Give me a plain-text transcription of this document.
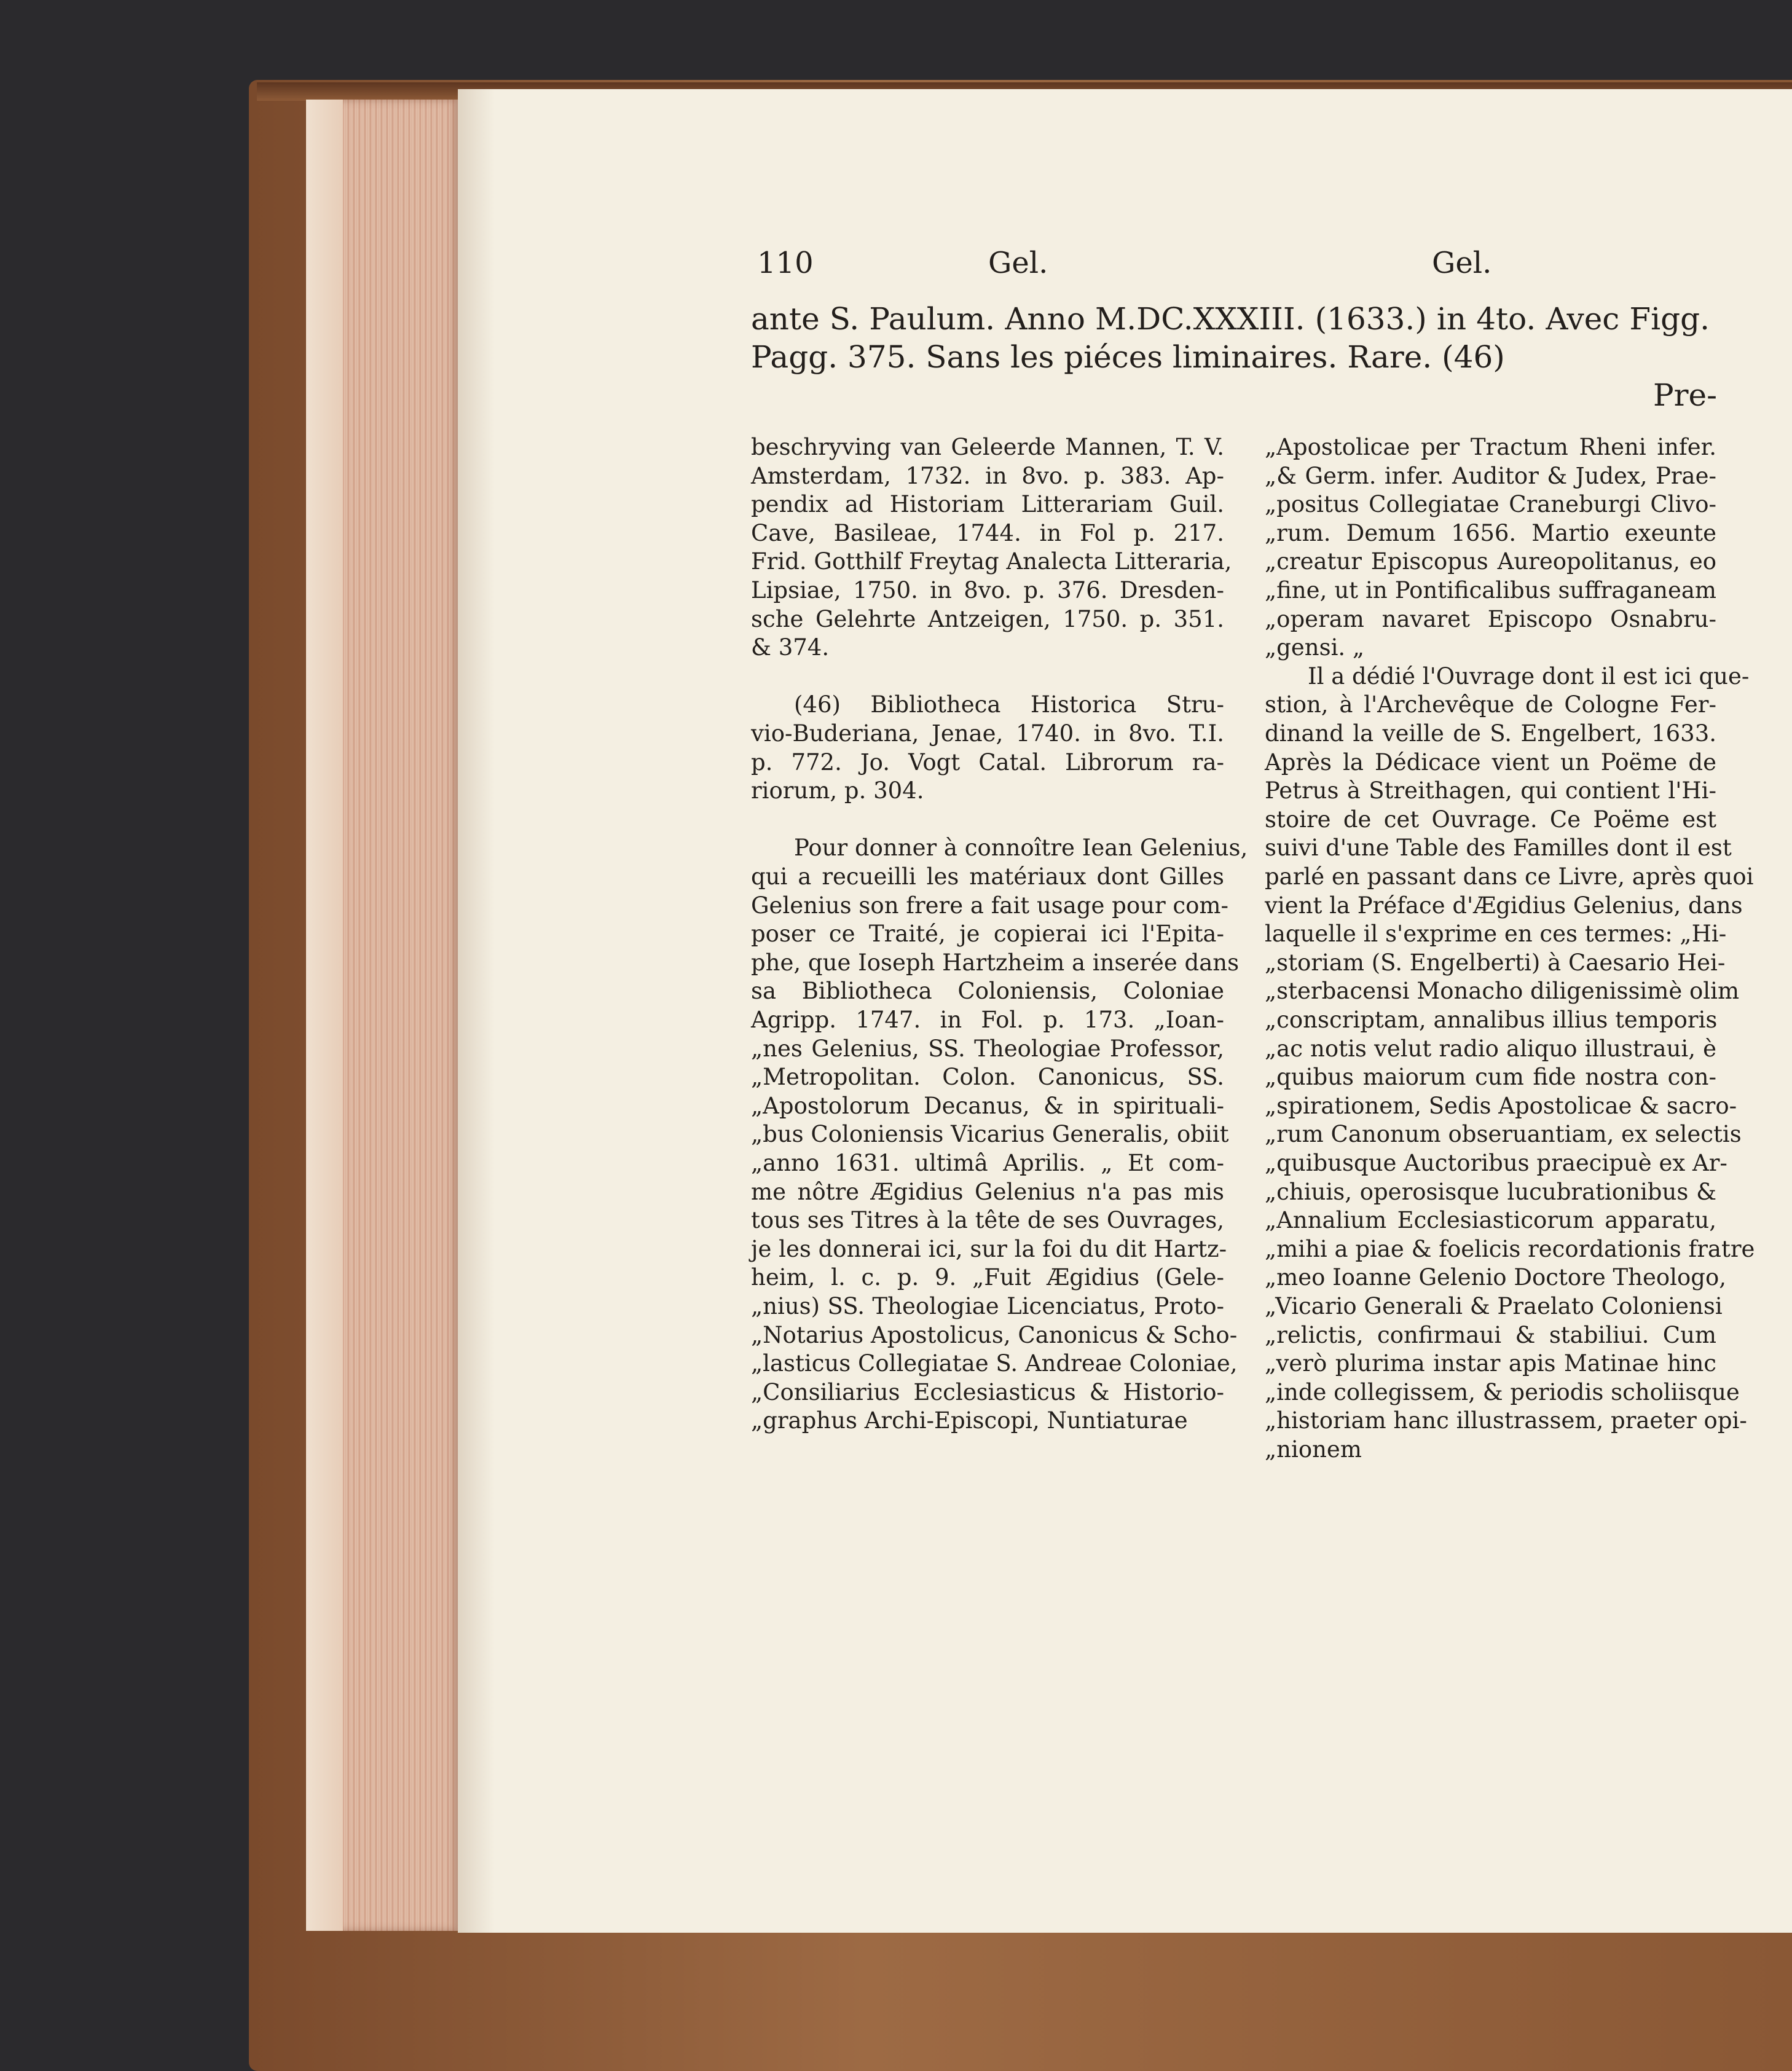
110	Gel.	Gel.
ante S. Paulum. Anno M.DC.XXXIII. (1633.) in 4to. Avec Figg.
Pagg. 375. Sans les piéces liminaires. Rare. (46)
Pre-
beschryving van Geleerde Mannen, T. V.
Amsterdam, 1732. in 8vo. p. 383. Ap-
pendix ad Historiam Litterariam Guil.
Cave, Basileae, 1744. in Fol p. 217.
Frid. Gotthilf Freytag Analecta Litteraria,
Lipsiae, 1750. in 8vo. p. 376. Dresden-
sche Gelehrte Antzeigen, 1750. p. 351.
& 374.
(46) Bibliotheca Historica Stru-
vio-Buderiana, Jenae, 1740. in 8vo. T.I.
p. 772. Jo. Vogt Catal. Librorum ra-
riorum, p. 304.
Pour donner à connoître Iean Gelenius,
qui a recueilli les matériaux dont Gilles
Gelenius son frere a fait usage pour com-
poser ce Traité, je copierai ici l'Epita-
phe, que Ioseph Hartzheim a inserée dans
sa Bibliotheca Coloniensis, Coloniae
Agripp. 1747. in Fol. p. 173. „Ioan-
„nes Gelenius, SS. Theologiae Professor,
„Metropolitan. Colon. Canonicus, SS.
„Apostolorum Decanus, & in spirituali-
„bus Coloniensis Vicarius Generalis, obiit
„anno 1631. ultimâ Aprilis. „ Et com-
me nôtre Ægidius Gelenius n'a pas mis
tous ses Titres à la tête de ses Ouvrages,
je les donnerai ici, sur la foi du dit Hartz-
heim, l. c. p. 9. „Fuit Ægidius (Gele-
„nius) SS. Theologiae Licenciatus, Proto-
„Notarius Apostolicus, Canonicus & Scho-
„lasticus Collegiatae S. Andreae Coloniae,
„Consiliarius Ecclesiasticus & Historio-
„graphus Archi-Episcopi, Nuntiaturae
„Apostolicae per Tractum Rheni infer.
„& Germ. infer. Auditor & Judex, Prae-
„positus Collegiatae Craneburgi Clivo-
„rum. Demum 1656. Martio exeunte
„creatur Episcopus Aureopolitanus, eo
„fine, ut in Pontificalibus suffraganeam
„operam navaret Episcopo Osnabru-
„gensi. „
Il a dédié l'Ouvrage dont il est ici que-
stion, à l'Archevêque de Cologne Fer-
dinand la veille de S. Engelbert, 1633.
Après la Dédicace vient un Poëme de
Petrus à Streithagen, qui contient l'Hi-
stoire de cet Ouvrage. Ce Poëme est
suivi d'une Table des Familles dont il est
parlé en passant dans ce Livre, après quoi
vient la Préface d'Ægidius Gelenius, dans
laquelle il s'exprime en ces termes: „Hi-
„storiam (S. Engelberti) à Caesario Hei-
„sterbacensi Monacho diligenissimè olim
„conscriptam, annalibus illius temporis
„ac notis velut radio aliquo illustraui, è
„quibus maiorum cum fide nostra con-
„spirationem, Sedis Apostolicae & sacro-
„rum Canonum obseruantiam, ex selectis
„quibusque Auctoribus praecipuè ex Ar-
„chiuis, operosisque lucubrationibus &
„Annalium Ecclesiasticorum apparatu,
„mihi a piae & foelicis recordationis fratre
„meo Ioanne Gelenio Doctore Theologo,
„Vicario Generali & Praelato Coloniensi
„relictis, confirmaui & stabiliui. Cum
„verò plurima instar apis Matinae hinc
„inde collegissem, & periodis scholiisque
„historiam hanc illustrassem, praeter opi-
„nionem
